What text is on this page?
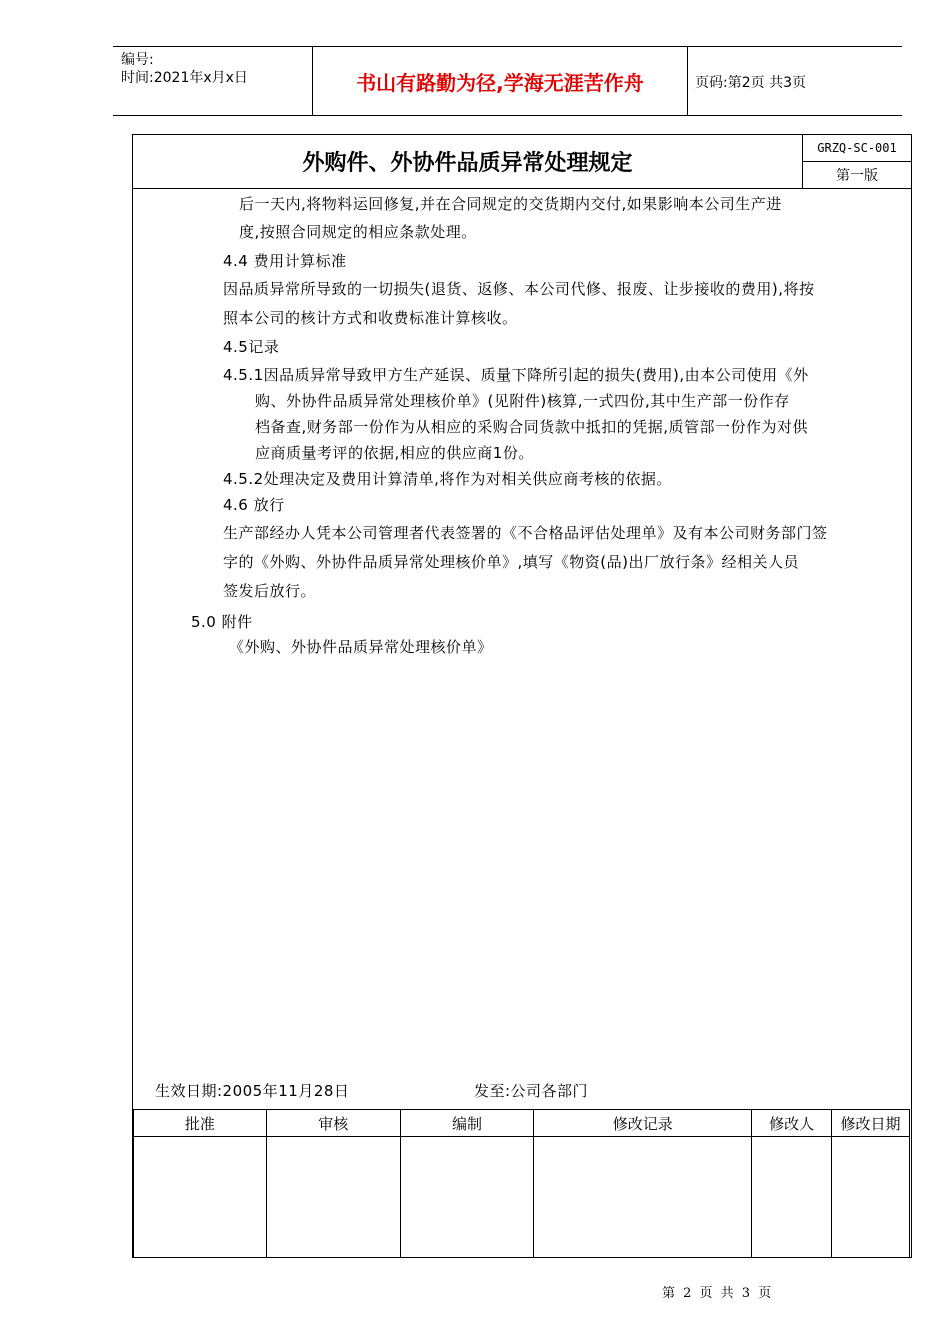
编号:
时间:2021年x月x日	书山有路勤为径,学海无涯苦作舟	页码:第2页 共3页
外购件、外协件品质异常处理规定
GRZQ-SC-001
第一版
后一天内,将物料运回修复,并在合同规定的交货期内交付,如果影响本公司生产进
度,按照合同规定的相应条款处理。
4.4 费用计算标准
因品质异常所导致的一切损失(退货、返修、本公司代修、报废、让步接收的费用),将按
照本公司的核计方式和收费标准计算核收。
4.5记录
4.5.1因品质异常导致甲方生产延误、质量下降所引起的损失(费用),由本公司使用《外
购、外协件品质异常处理核价单》(见附件)核算,一式四份,其中生产部一份作存
档备查,财务部一份作为从相应的采购合同货款中抵扣的凭据,质管部一份作为对供
应商质量考评的依据,相应的供应商1份。
4.5.2处理决定及费用计算清单,将作为对相关供应商考核的依据。
4.6 放行
生产部经办人凭本公司管理者代表签署的《不合格品评估处理单》及有本公司财务部门签
字的《外购、外协件品质异常处理核价单》,填写《物资(品)出厂放行条》经相关人员
签发后放行。
5.0 附件
《外购、外协件品质异常处理核价单》
生效日期:2005年11月28日	发至:公司各部门
批准	审核	编制	修改记录	修改人	修改日期

第 2 页 共 3 页
